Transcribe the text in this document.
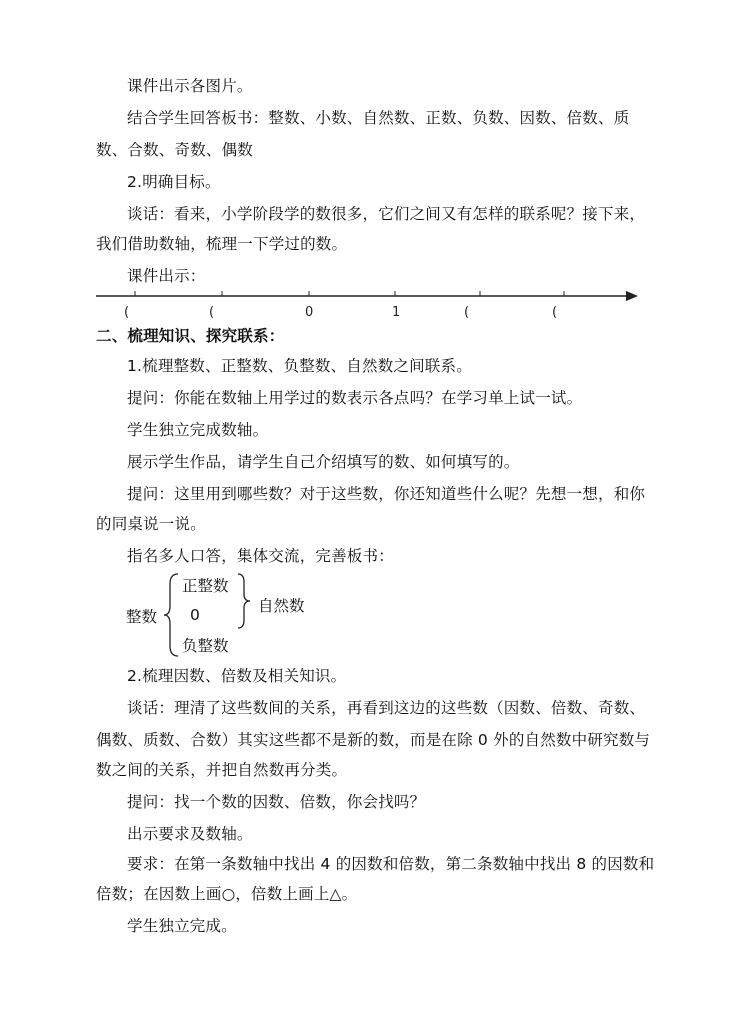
课件出示各图片。
结合学生回答板书：整数、小数、自然数、正数、负数、因数、倍数、质
数、合数、奇数、偶数
2.明确目标。
谈话：看来，小学阶段学的数很多，它们之间又有怎样的联系呢？接下来，
我们借助数轴，梳理一下学过的数。
课件出示：
(	(	0	1	(	(
二、梳理知识、探究联系：
1.梳理整数、正整数、负整数、自然数之间联系。
提问：你能在数轴上用学过的数表示各点吗？在学习单上试一试。
学生独立完成数轴。
展示学生作品，请学生自己介绍填写的数、如何填写的。
提问：这里用到哪些数？对于这些数，你还知道些什么呢？先想一想，和你
的同桌说一说。
指名多人口答，集体交流，完善板书：
整数
正整数
0
负整数
自然数
2.梳理因数、倍数及相关知识。
谈话：理清了这些数间的关系，再看到这边的这些数（因数、倍数、奇数、
偶数、质数、合数）其实这些都不是新的数，而是在除 0 外的自然数中研究数与
数之间的关系，并把自然数再分类。
提问：找一个数的因数、倍数，你会找吗？
出示要求及数轴。
要求：在第一条数轴中找出 4 的因数和倍数，第二条数轴中找出 8 的因数和
倍数；在因数上画○，倍数上画上△。
学生独立完成。
